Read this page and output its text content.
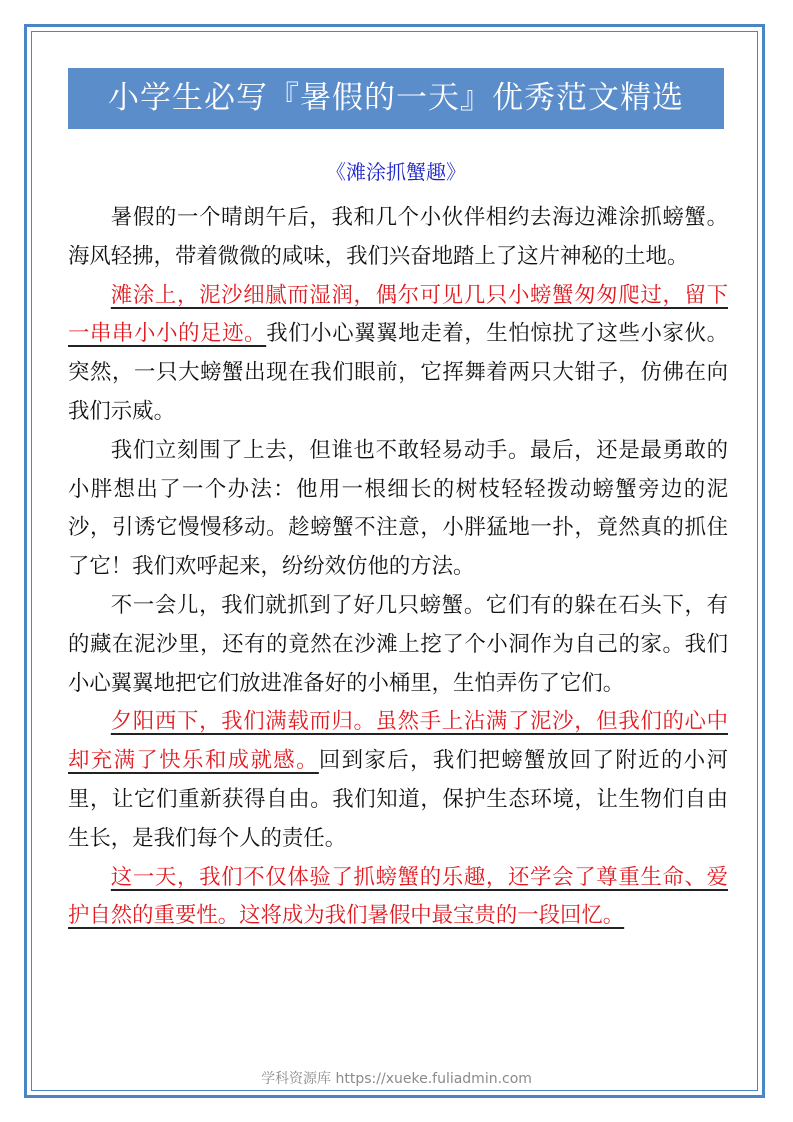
小学生必写『暑假的一天』优秀范文精选
《滩涂抓蟹趣》

暑假的一个晴朗午后，我和几个小伙伴相约去海边滩涂抓螃蟹。海风轻拂，带着微微的咸味，我们兴奋地踏上了这片神秘的土地。

滩涂上，泥沙细腻而湿润，偶尔可见几只小螃蟹匆匆爬过，留下一串串小小的足迹。我们小心翼翼地走着，生怕惊扰了这些小家伙。突然，一只大螃蟹出现在我们眼前，它挥舞着两只大钳子，仿佛在向我们示威。

我们立刻围了上去，但谁也不敢轻易动手。最后，还是最勇敢的小胖想出了一个办法：他用一根细长的树枝轻轻拨动螃蟹旁边的泥沙，引诱它慢慢移动。趁螃蟹不注意，小胖猛地一扑，竟然真的抓住了它！我们欢呼起来，纷纷效仿他的方法。

不一会儿，我们就抓到了好几只螃蟹。它们有的躲在石头下，有的藏在泥沙里，还有的竟然在沙滩上挖了个小洞作为自己的家。我们小心翼翼地把它们放进准备好的小桶里，生怕弄伤了它们。

夕阳西下，我们满载而归。虽然手上沾满了泥沙，但我们的心中却充满了快乐和成就感。回到家后，我们把螃蟹放回了附近的小河里，让它们重新获得自由。我们知道，保护生态环境，让生物们自由生长，是我们每个人的责任。

这一天，我们不仅体验了抓螃蟹的乐趣，还学会了尊重生命、爱护自然的重要性。这将成为我们暑假中最宝贵的一段回忆。

学科资源库 https://xueke.fuliadmin.com
